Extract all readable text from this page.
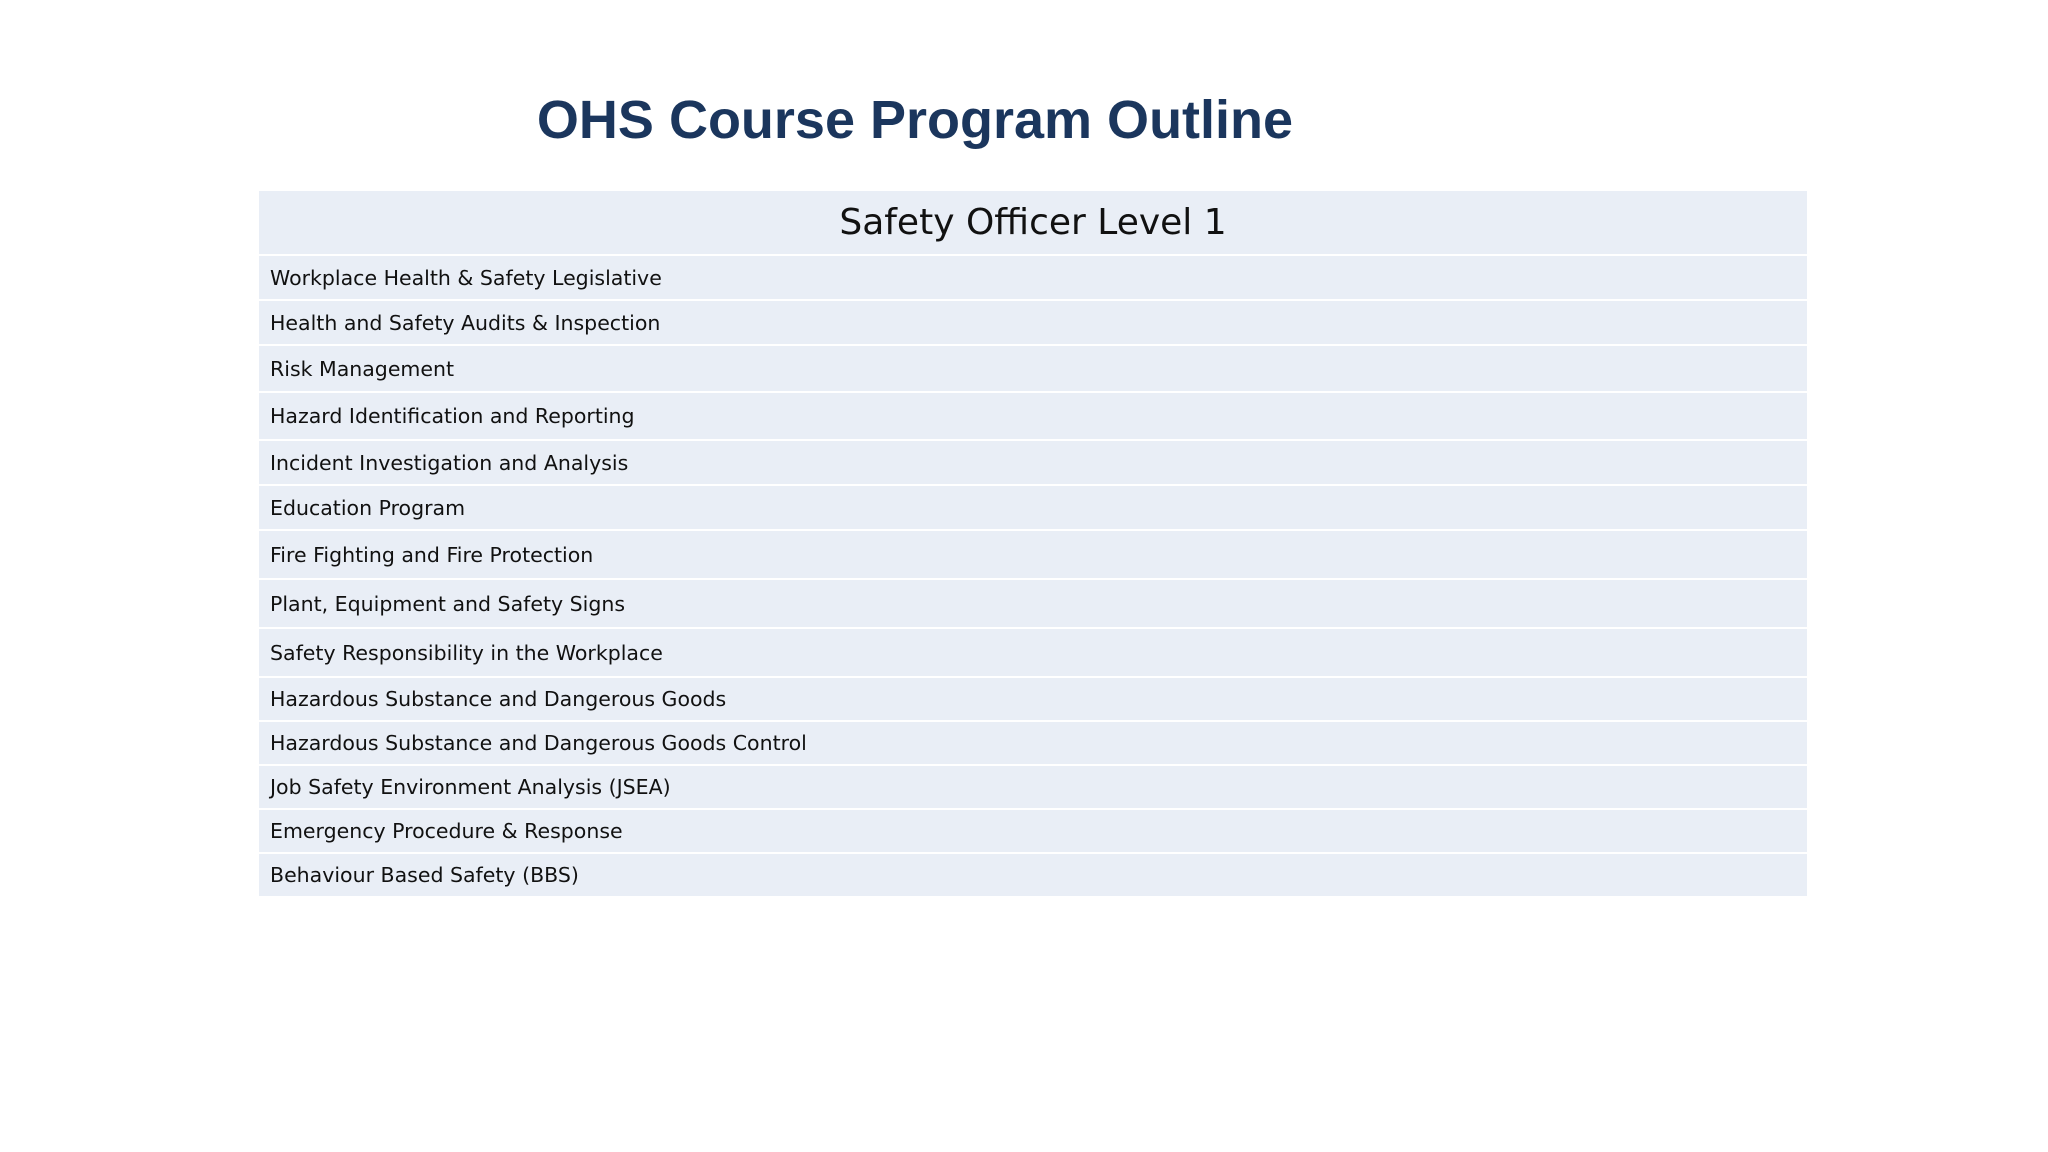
OHS Course Program Outline
Safety Officer Level 1
Workplace Health & Safety Legislative
Health and Safety Audits & Inspection
Risk Management
Hazard Identification and Reporting
Incident Investigation and Analysis
Education Program
Fire Fighting and Fire Protection
Plant, Equipment and Safety Signs
Safety Responsibility in the Workplace
Hazardous Substance and Dangerous Goods
Hazardous Substance and Dangerous Goods Control
Job Safety Environment Analysis (JSEA)
Emergency Procedure & Response
Behaviour Based Safety (BBS)
